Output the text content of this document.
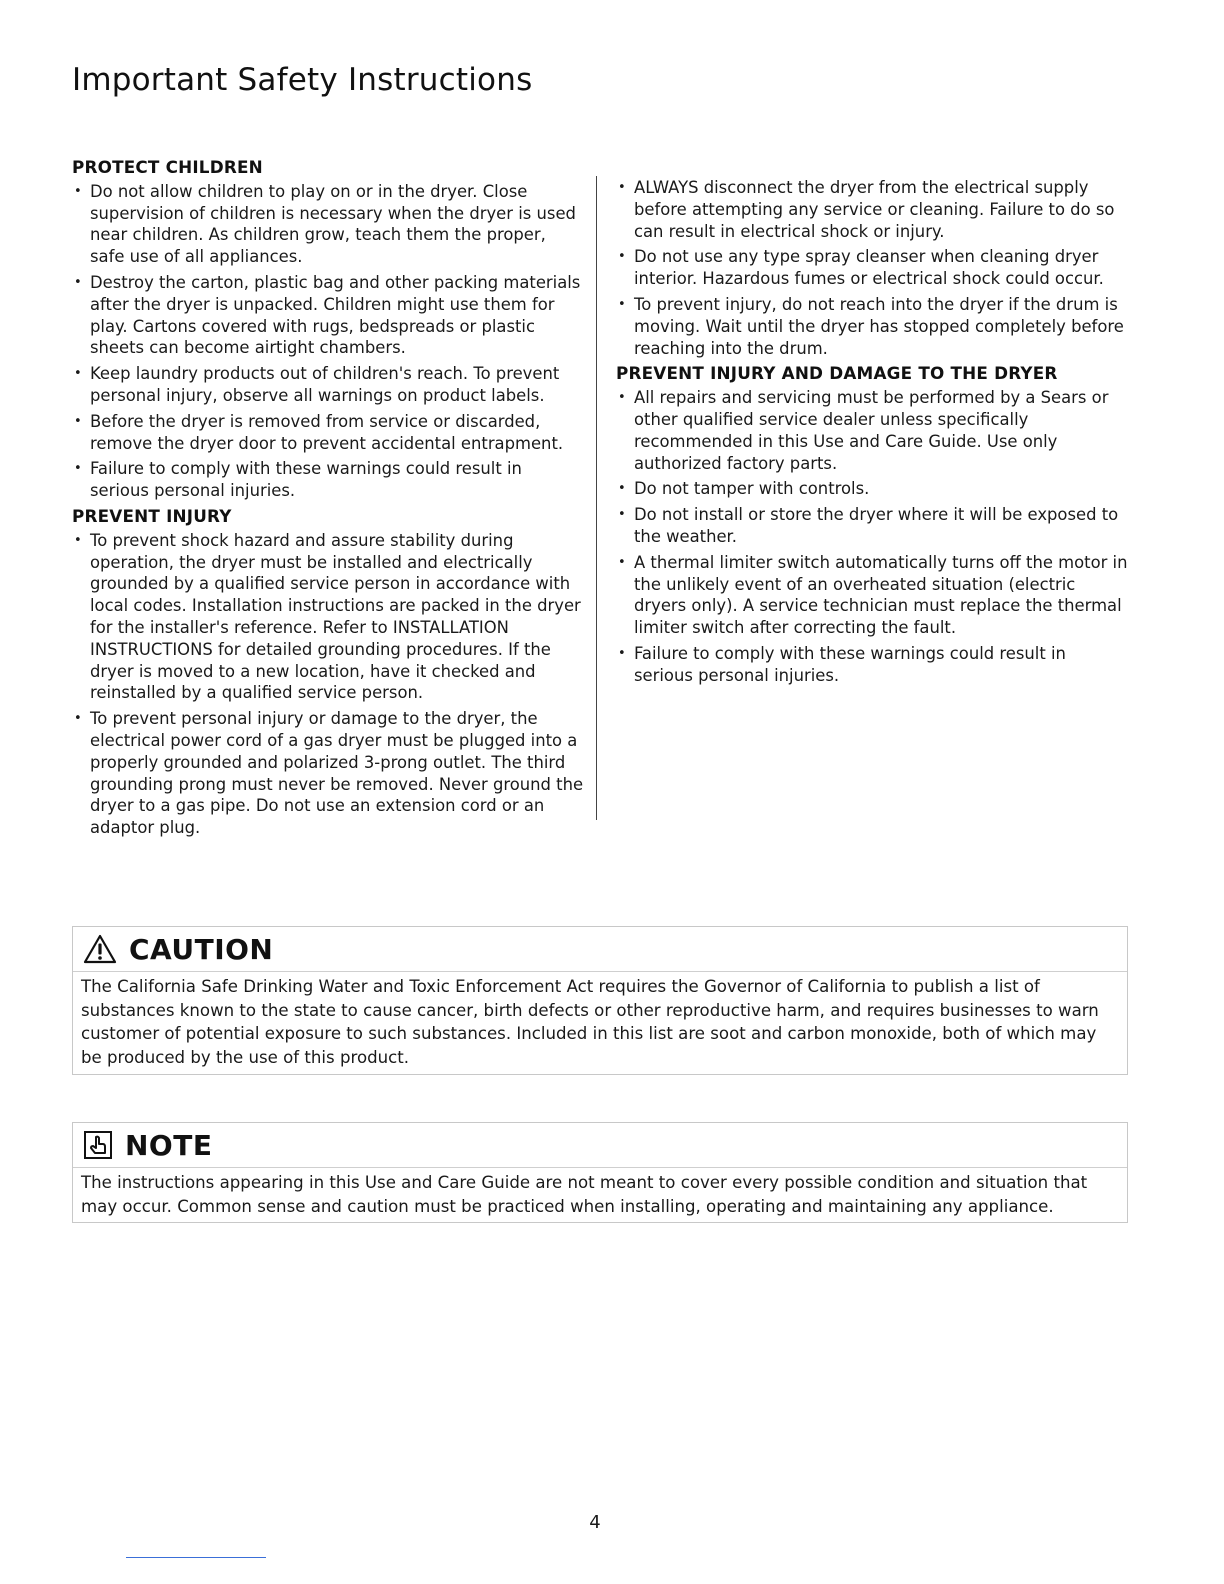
Important Safety Instructions
PROTECT CHILDREN
• Do not allow children to play on or in the dryer. Close supervision of children is necessary when the dryer is used near children. As children grow, teach them the proper, safe use of all appliances.
• Destroy the carton, plastic bag and other packing materials after the dryer is unpacked. Children might use them for play. Cartons covered with rugs, bedspreads or plastic sheets can become airtight chambers.
• Keep laundry products out of children's reach. To prevent personal injury, observe all warnings on product labels.
• Before the dryer is removed from service or discarded, remove the dryer door to prevent accidental entrapment.
• Failure to comply with these warnings could result in serious personal injuries.
PREVENT INJURY
• To prevent shock hazard and assure stability during operation, the dryer must be installed and electrically grounded by a qualified service person in accordance with local codes. Installation instructions are packed in the dryer for the installer's reference. Refer to INSTALLATION INSTRUCTIONS for detailed grounding procedures. If the dryer is moved to a new location, have it checked and reinstalled by a qualified service person.
• To prevent personal injury or damage to the dryer, the electrical power cord of a gas dryer must be plugged into a properly grounded and polarized 3-prong outlet. The third grounding prong must never be removed. Never ground the dryer to a gas pipe. Do not use an extension cord or an adaptor plug.
• ALWAYS disconnect the dryer from the electrical supply before attempting any service or cleaning. Failure to do so can result in electrical shock or injury.
• Do not use any type spray cleanser when cleaning dryer interior. Hazardous fumes or electrical shock could occur.
• To prevent injury, do not reach into the dryer if the drum is moving. Wait until the dryer has stopped completely before reaching into the drum.
PREVENT INJURY AND DAMAGE TO THE DRYER
• All repairs and servicing must be performed by a Sears or other qualified service dealer unless specifically recommended in this Use and Care Guide. Use only authorized factory parts.
• Do not tamper with controls.
• Do not install or store the dryer where it will be exposed to the weather.
• A thermal limiter switch automatically turns off the motor in the unlikely event of an overheated situation (electric dryers only). A service technician must replace the thermal limiter switch after correcting the fault.
• Failure to comply with these warnings could result in serious personal injuries.
CAUTION
The California Safe Drinking Water and Toxic Enforcement Act requires the Governor of California to publish a list of substances known to the state to cause cancer, birth defects or other reproductive harm, and requires businesses to warn customer of potential exposure to such substances. Included in this list are soot and carbon monoxide, both of which may be produced by the use of this product.
NOTE
The instructions appearing in this Use and Care Guide are not meant to cover every possible condition and situation that may occur. Common sense and caution must be practiced when installing, operating and maintaining any appliance.
4
